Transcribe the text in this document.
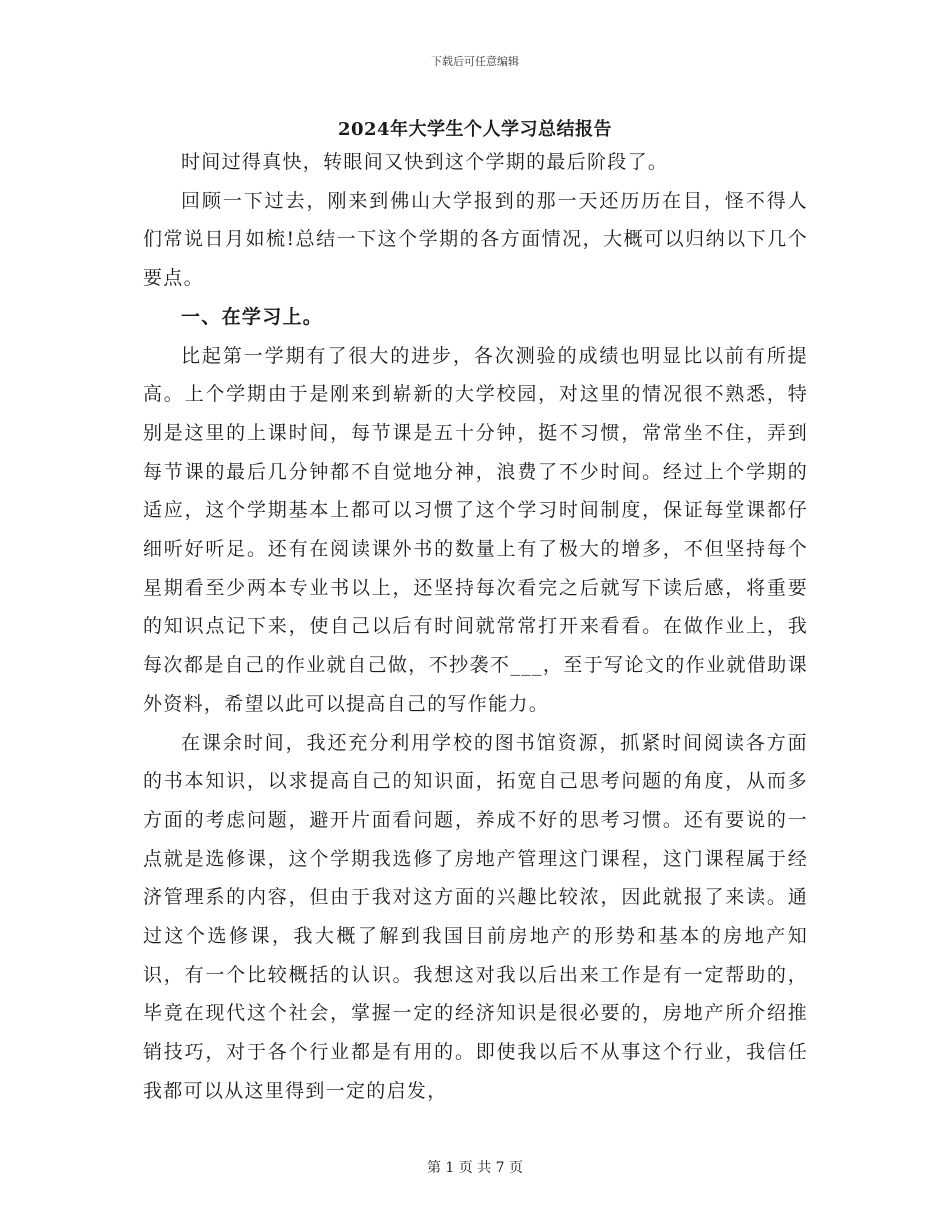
下载后可任意编辑
2024年大学生个人学习总结报告

时间过得真快，转眼间又快到这个学期的最后阶段了。

回顾一下过去，刚来到佛山大学报到的那一天还历历在目，怪不得人们常说日月如梳!总结一下这个学期的各方面情况，大概可以归纳以下几个要点。

一、在学习上。

比起第一学期有了很大的进步，各次测验的成绩也明显比以前有所提高。上个学期由于是刚来到崭新的大学校园，对这里的情况很不熟悉，特别是这里的上课时间，每节课是五十分钟，挺不习惯，常常坐不住，弄到每节课的最后几分钟都不自觉地分神，浪费了不少时间。经过上个学期的适应，这个学期基本上都可以习惯了这个学习时间制度，保证每堂课都仔细听好听足。还有在阅读课外书的数量上有了极大的增多，不但坚持每个星期看至少两本专业书以上，还坚持每次看完之后就写下读后感，将重要的知识点记下来，使自己以后有时间就常常打开来看看。在做作业上，我每次都是自己的作业就自己做，不抄袭不___，至于写论文的作业就借助课外资料，希望以此可以提高自己的写作能力。

在课余时间，我还充分利用学校的图书馆资源，抓紧时间阅读各方面的书本知识，以求提高自己的知识面，拓宽自己思考问题的角度，从而多方面的考虑问题，避开片面看问题，养成不好的思考习惯。还有要说的一点就是选修课，这个学期我选修了房地产管理这门课程，这门课程属于经济管理系的内容，但由于我对这方面的兴趣比较浓，因此就报了来读。通过这个选修课，我大概了解到我国目前房地产的形势和基本的房地产知识，有一个比较概括的认识。我想这对我以后出来工作是有一定帮助的，毕竟在现代这个社会，掌握一定的经济知识是很必要的，房地产所介绍推销技巧，对于各个行业都是有用的。即使我以后不从事这个行业，我信任我都可以从这里得到一定的启发，

第 1 页 共 7 页
